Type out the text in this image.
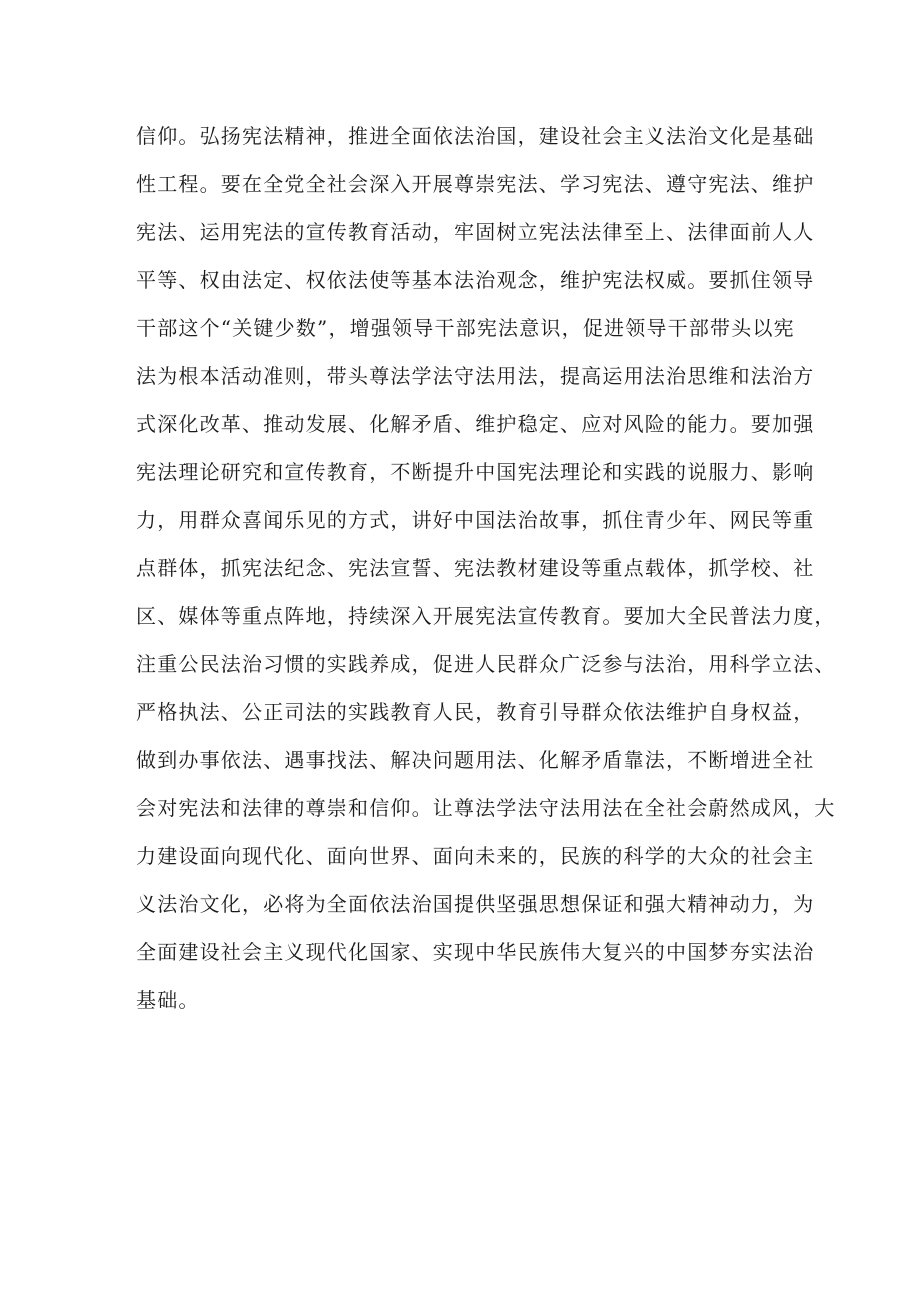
信仰。弘扬宪法精神，推进全面依法治国，建设社会主义法治文化是基础
性工程。要在全党全社会深入开展尊崇宪法、学习宪法、遵守宪法、维护
宪法、运用宪法的宣传教育活动，牢固树立宪法法律至上、法律面前人人
平等、权由法定、权依法使等基本法治观念，维护宪法权威。要抓住领导
干部这个“关键少数”，增强领导干部宪法意识，促进领导干部带头以宪
法为根本活动准则，带头尊法学法守法用法，提高运用法治思维和法治方
式深化改革、推动发展、化解矛盾、维护稳定、应对风险的能力。要加强
宪法理论研究和宣传教育，不断提升中国宪法理论和实践的说服力、影响
力，用群众喜闻乐见的方式，讲好中国法治故事，抓住青少年、网民等重
点群体，抓宪法纪念、宪法宣誓、宪法教材建设等重点载体，抓学校、社
区、媒体等重点阵地，持续深入开展宪法宣传教育。要加大全民普法力度，
注重公民法治习惯的实践养成，促进人民群众广泛参与法治，用科学立法、
严格执法、公正司法的实践教育人民，教育引导群众依法维护自身权益，
做到办事依法、遇事找法、解决问题用法、化解矛盾靠法，不断增进全社
会对宪法和法律的尊崇和信仰。让尊法学法守法用法在全社会蔚然成风，大
力建设面向现代化、面向世界、面向未来的，民族的科学的大众的社会主
义法治文化，必将为全面依法治国提供坚强思想保证和强大精神动力，为
全面建设社会主义现代化国家、实现中华民族伟大复兴的中国梦夯实法治
基础。
